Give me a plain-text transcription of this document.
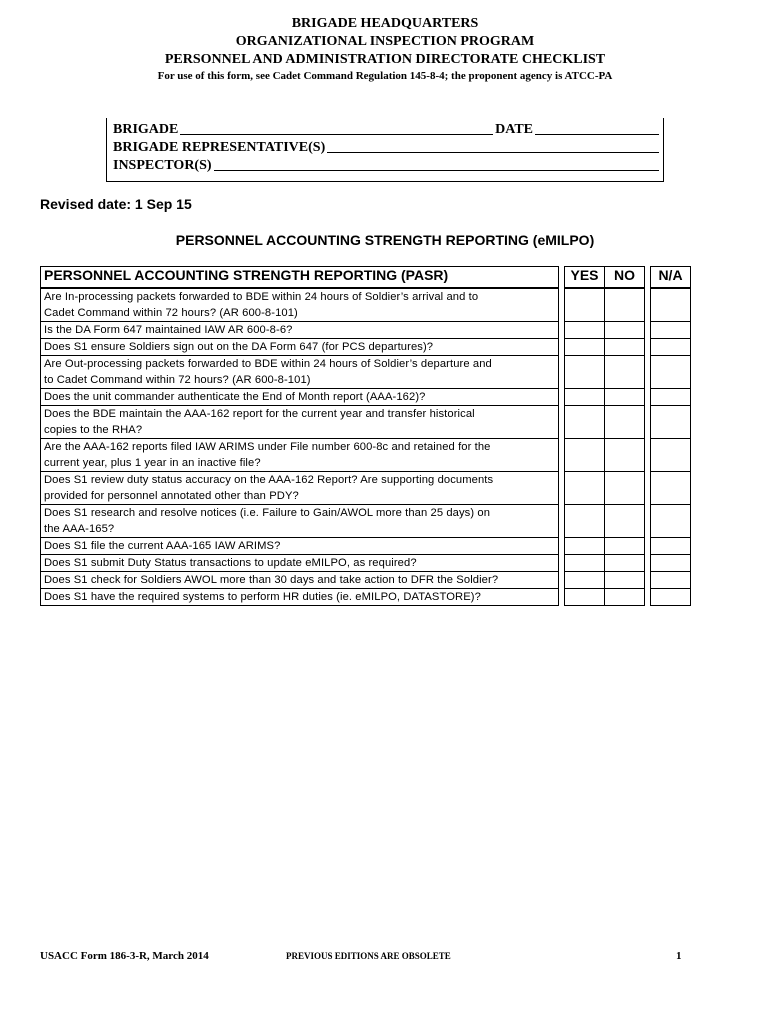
BRIGADE HEADQUARTERS
ORGANIZATIONAL INSPECTION PROGRAM
PERSONNEL AND ADMINISTRATION DIRECTORATE CHECKLIST
For use of this form, see Cadet Command Regulation 145-8-4; the proponent agency is ATCC-PA
BRIGADE	DATE
BRIGADE REPRESENTATIVE(S)
INSPECTOR(S)
Revised date: 1 Sep 15
PERSONNEL ACCOUNTING STRENGTH REPORTING (eMILPO)
PERSONNEL ACCOUNTING STRENGTH REPORTING (PASR)		YES	NO		N/A

Are In-processing packets forwarded to BDE within 24 hours of Soldier’s arrival and to
Cadet Command within 72 hours? (AR 600-8-101)					

Is the DA Form 647 maintained IAW AR 600-8-6?					

Does S1 ensure Soldiers sign out on the DA Form 647 (for PCS departures)?					

Are Out-processing packets forwarded to BDE within 24 hours of Soldier’s departure and
to Cadet Command within 72 hours? (AR 600-8-101)					

Does the unit commander authenticate the End of Month report (AAA-162)?					

Does the BDE maintain the AAA-162 report for the current year and transfer historical
copies to the RHA?					

Are the AAA-162 reports filed IAW ARIMS under File number 600-8c and retained for the
current year, plus 1 year in an inactive file?					

Does S1 review duty status accuracy on the AAA-162 Report? Are supporting documents
provided for personnel annotated other than PDY?					

Does S1 research and resolve notices (i.e. Failure to Gain/AWOL more than 25 days) on
the AAA-165?					

Does S1 file the current AAA-165 IAW ARIMS?					

Does S1 submit Duty Status transactions to update eMILPO, as required?					

Does S1 check for Soldiers AWOL more than 30 days and take action to DFR the Soldier?					

Does S1 have the required systems to perform HR duties (ie. eMILPO, DATASTORE)?					

USACC Form 186-3-R, March 2014	PREVIOUS EDITIONS ARE OBSOLETE	1
